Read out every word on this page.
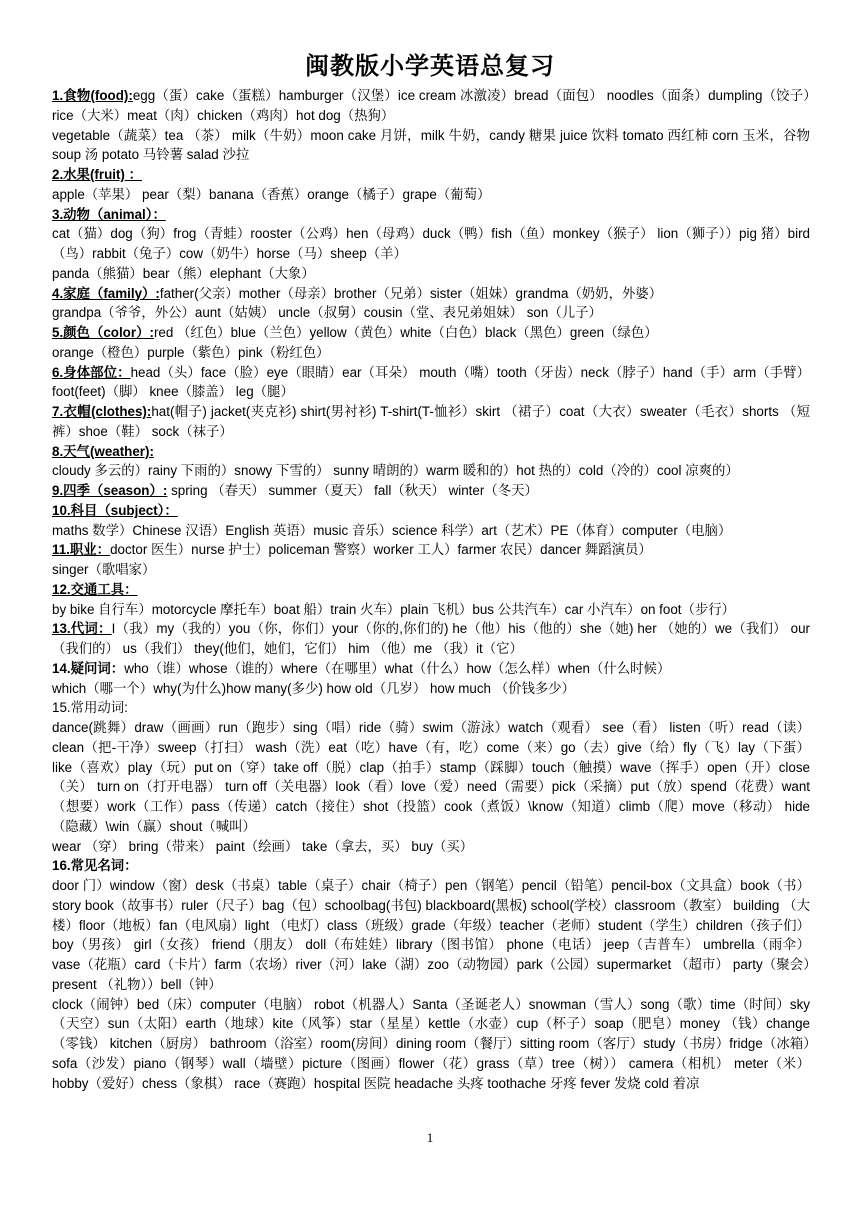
闽教版小学英语总复习

1.食物(food):egg（蛋）cake（蛋糕）hamburger（汉堡）ice cream 冰激凌）bread（面包） noodles（面条）dumpling（饺子）rice（大米）meat（肉）chicken（鸡肉）hot dog（热狗）

vegetable（蔬菜）tea （茶） milk（牛奶）moon cake 月饼，milk 牛奶，candy 糖果 juice 饮料 tomato 西红柿 corn 玉米，谷物 soup 汤 potato 马铃薯 salad 沙拉

2.水果(fruit) ：

apple（苹果） pear（梨）banana（香蕉）orange（橘子）grape（葡萄）

3.动物（animal）：

cat（猫）dog（狗）frog（青蛙）rooster（公鸡）hen（母鸡）duck（鸭）fish（鱼）monkey（猴子） lion（狮子））pig 猪）bird（鸟）rabbit（兔子）cow（奶牛）horse（马）sheep（羊）

panda（熊猫）bear（熊）elephant（大象）

4.家庭（family）:father(父亲）mother（母亲）brother（兄弟）sister（姐妹）grandma（奶奶，外婆）

grandpa（爷爷，外公）aunt（姑姨） uncle（叔舅）cousin（堂、表兄弟姐妹） son（儿子）

5.颜色（color）:red （红色）blue（兰色）yellow（黄色）white（白色）black（黑色）green（绿色）

orange（橙色）purple（紫色）pink（粉红色）

6.身体部位：head（头）face（脸）eye（眼睛）ear（耳朵） mouth（嘴）tooth（牙齿）neck（脖子）hand（手）arm（手臂）foot(feet)（脚） knee（膝盖） leg（腿）

7.衣帽(clothes):hat(帽子) jacket(夹克衫) shirt(男衬衫) T-shirt(T-恤衫）skirt （裙子）coat（大衣）sweater（毛衣）shorts （短裤）shoe（鞋） sock（袜子）

8.天气(weather):

cloudy 多云的）rainy 下雨的）snowy 下雪的） sunny 晴朗的）warm 暖和的）hot 热的）cold（冷的）cool 凉爽的）

9.四季（season）: spring （春天） summer（夏天） fall（秋天） winter（冬天）

10.科目（subject）：

maths 数学）Chinese 汉语）English 英语）music 音乐）science 科学）art（艺术）PE（体育）computer（电脑）

11.职业：doctor 医生）nurse 护士）policeman 警察）worker 工人）farmer 农民）dancer 舞蹈演员）

singer（歌唱家）

12.交通工具：

by bike 自行车）motorcycle 摩托车）boat 船）train 火车）plain 飞机）bus 公共汽车）car 小汽车）on foot（步行）

13.代词：I（我）my（我的）you（你，你们）your（你的,你们的) he（他）his（他的）she（她) her （她的）we（我们） our（我们的） us（我们） they(他们，她们，它们） him （他）me （我）it（它）

14.疑问词：who（谁）whose（谁的）where（在哪里）what（什么）how（怎么样）when（什么时候）

which（哪一个）why(为什么)how many(多少) how old（几岁） how much （价钱多少）

15.常用动词:

dance(跳舞）draw（画画）run（跑步）sing（唱）ride（骑）swim（游泳）watch（观看） see（看） listen（听）read（读） clean（把-干净）sweep（打扫） wash（洗）eat（吃）have（有，吃）come（来）go（去）give（给）fly（飞）lay（下蛋）like（喜欢）play（玩）put on（穿）take off（脱）clap（拍手）stamp（踩脚）touch（触摸）wave（挥手）open（开）close（关） turn on（打开电器） turn off（关电器）look（看）love（爱）need（需要）pick（采摘）put（放）spend（花费）want（想要）work（工作）pass（传递）catch（接住）shot（投篮）cook（煮饭）\know（知道）climb（爬）move（移动） hide（隐藏）\win（赢）shout（喊叫）

wear （穿） bring（带来） paint（绘画） take（拿去，买） buy（买）

16.常见名词：

door 门）window（窗）desk（书桌）table（桌子）chair（椅子）pen（钢笔）pencil（铅笔）pencil-box（文具盒）book（书）story book（故事书）ruler（尺子）bag（包）schoolbag(书包) blackboard(黑板) school(学校）classroom（教室） building （大楼）floor（地板）fan（电风扇）light （电灯）class（班级）grade（年级）teacher（老师）student（学生）children（孩子们） boy（男孩） girl（女孩） friend（朋友） doll（布娃娃）library（图书馆） phone（电话） jeep（吉普车） umbrella（雨伞）vase（花瓶）card（卡片）farm（农场）river（河）lake（湖）zoo（动物园）park（公园）supermarket （超市） party（聚会）present （礼物））bell（钟）

clock（闹钟）bed（床）computer（电脑） robot（机器人）Santa（圣诞老人）snowman（雪人）song（歌）time（时间）sky（天空）sun（太阳）earth（地球）kite（风筝）star（星星）kettle（水壶）cup（杯子）soap（肥皂）money （钱）change（零钱） kitchen（厨房） bathroom（浴室）room(房间）dining room（餐厅）sitting room（客厅）study（书房）fridge（冰箱）sofa（沙发）piano（钢琴）wall（墙壁）picture（图画）flower（花）grass（草）tree（树）） camera（相机） meter（米） hobby（爱好）chess（象棋） race（赛跑）hospital 医院 headache 头疼 toothache 牙疼 fever 发烧 cold 着凉

1
